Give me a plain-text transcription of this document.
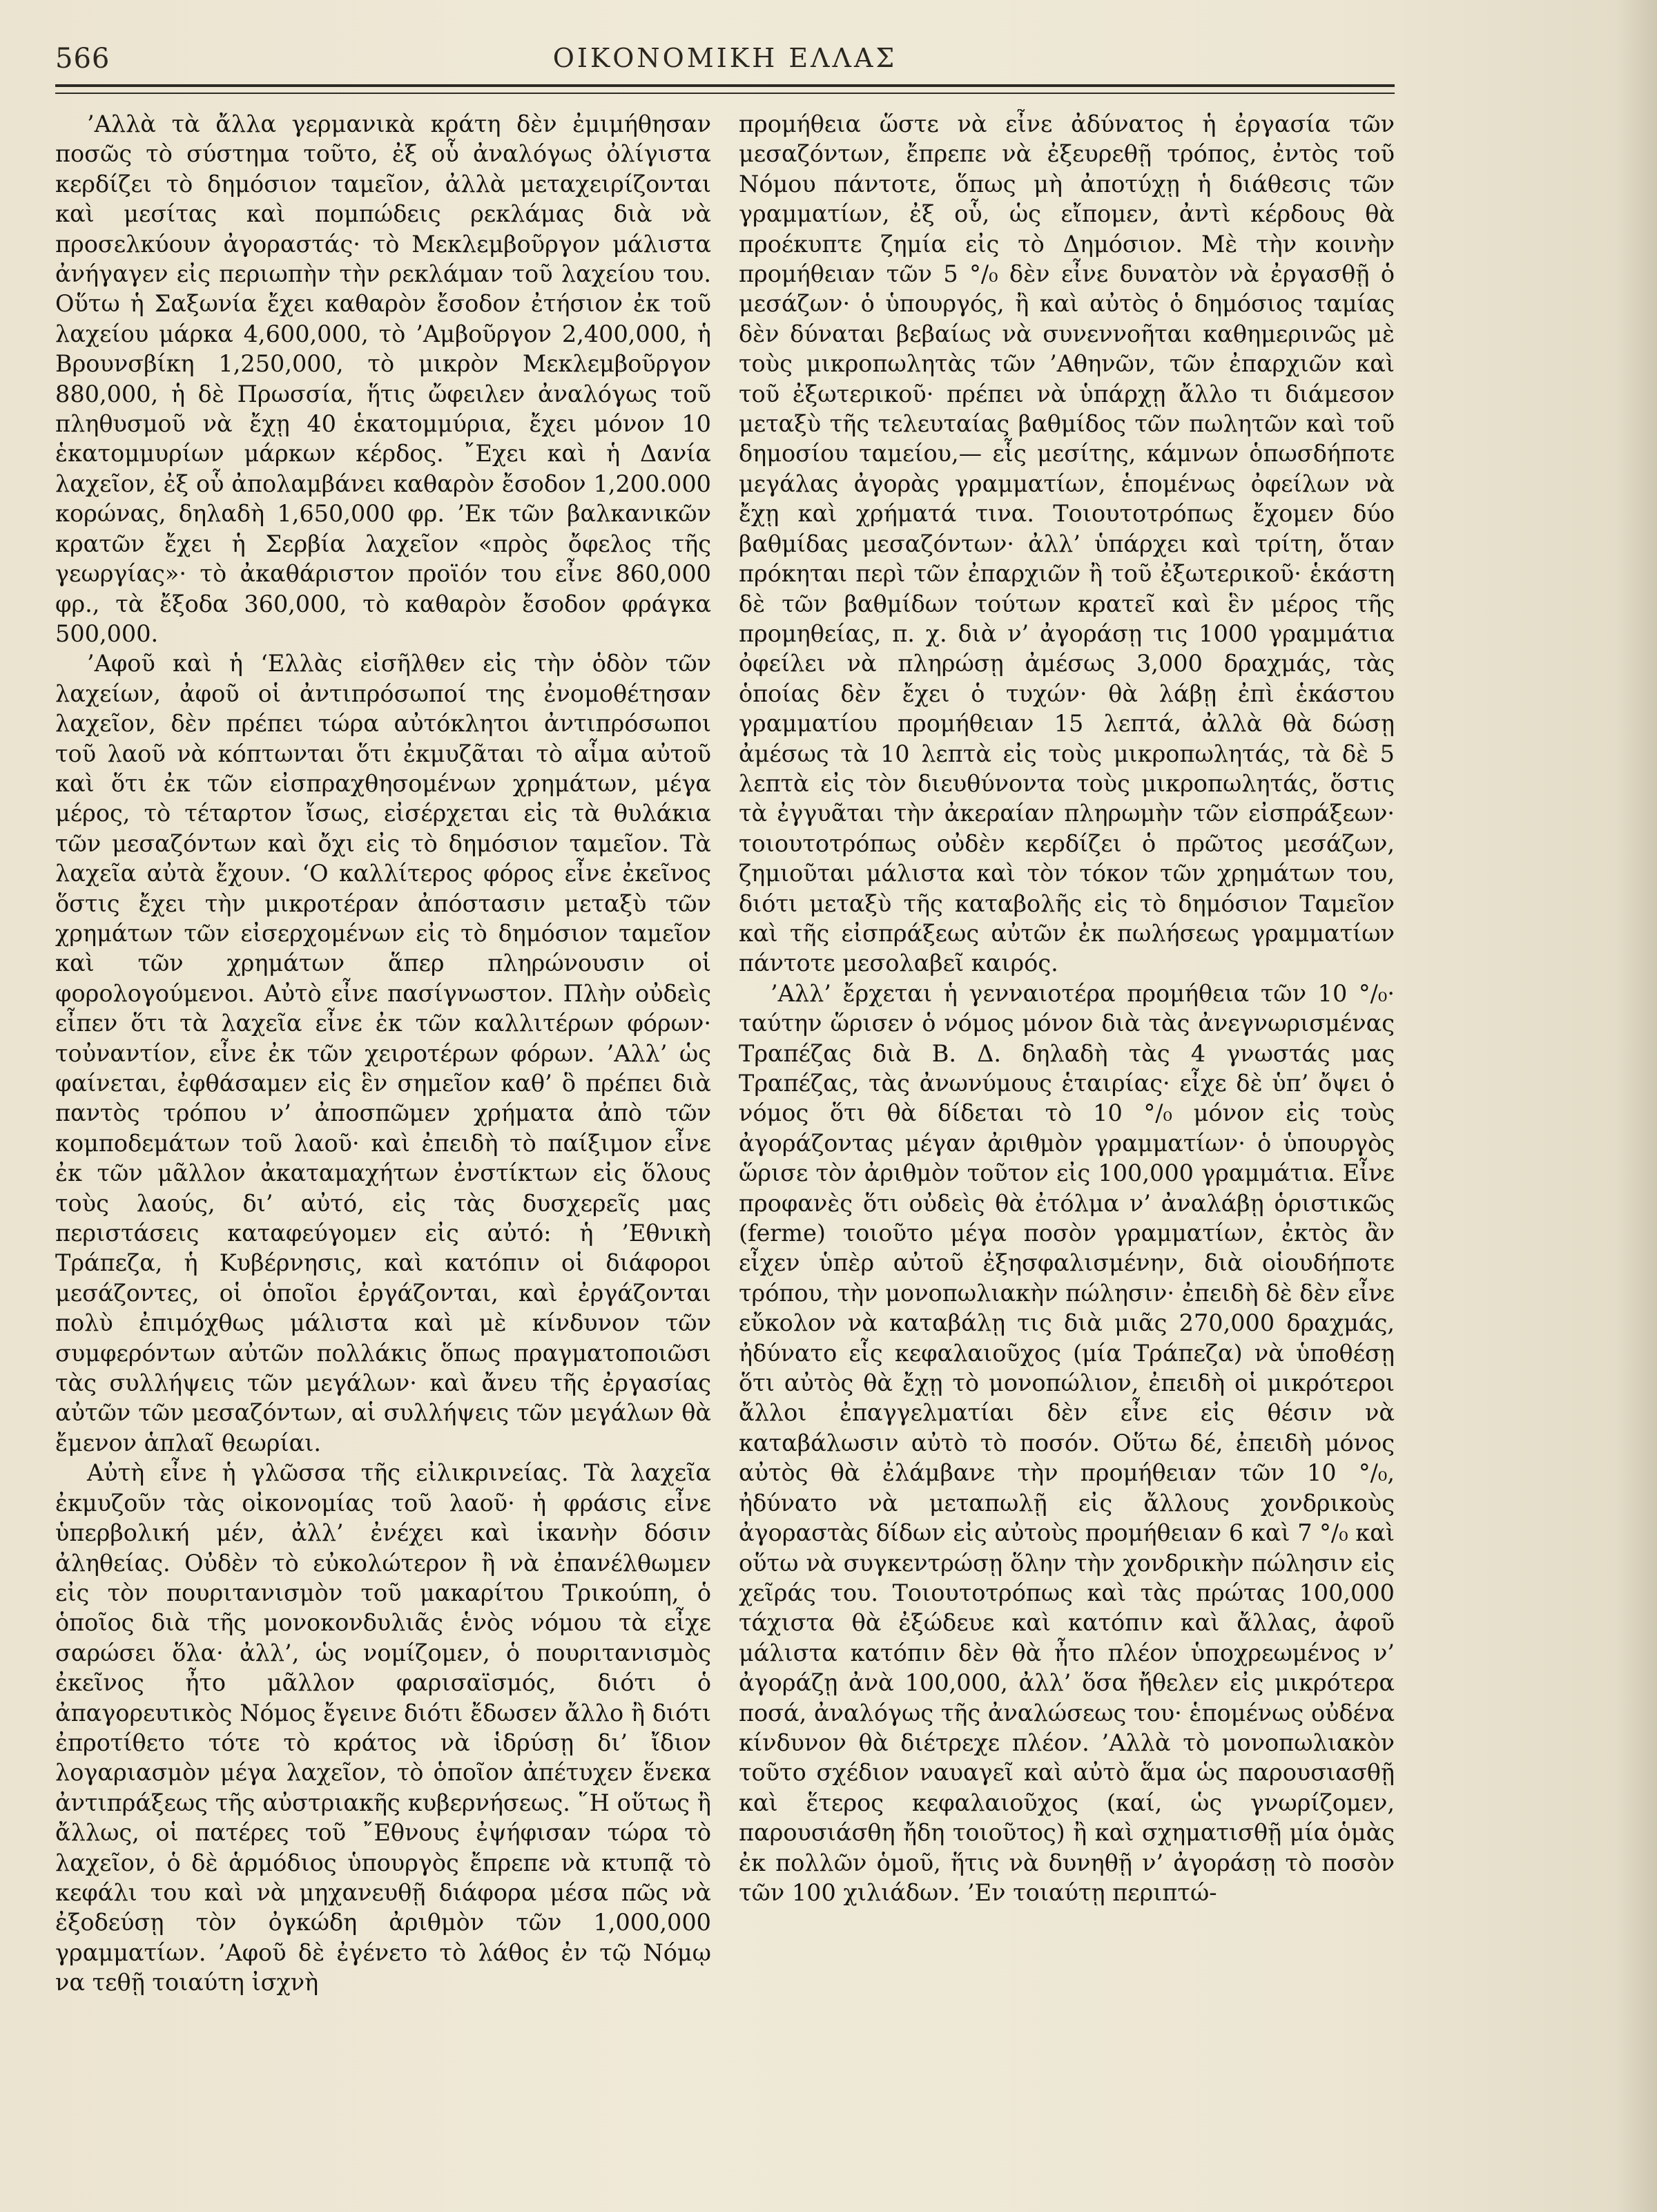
566	ΟΙΚΟΝΟΜΙΚΗ ΕΛΛΑΣ

’Αλλὰ τὰ ἄλλα γερμανικὰ κράτη δὲν ἐμιμήθησαν ποσῶς τὸ σύστημα τοῦτο, ἐξ οὗ ἀναλόγως ὀλίγιστα κερδίζει τὸ δημόσιον ταμεῖον, ἀλλὰ μεταχειρίζονται καὶ μεσίτας καὶ πομπώδεις ρεκλάμας διὰ νὰ προσελκύουν ἀγοραστάς· τὸ Μεκλεμβοῦργον μάλιστα ἀνήγαγεν εἰς περιωπὴν τὴν ρεκλάμαν τοῦ λαχείου του. Οὕτω ἡ Σαξωνία ἔχει καθαρὸν ἔσοδον ἐτήσιον ἐκ τοῦ λαχείου μάρκα 4,600,000, τὸ ’Αμβοῦργον 2,400,000, ἡ Βρουνσβίκη 1,250,000, τὸ μικρὸν Μεκλεμβοῦργον 880,000, ἡ δὲ Πρωσσία, ἥτις ὤφειλεν ἀναλόγως τοῦ πληθυσμοῦ νὰ ἔχῃ 40 ἑκατομμύρια, ἔχει μόνον 10 ἑκατομμυρίων μάρκων κέρδος. ῎Εχει καὶ ἡ Δανία λαχεῖον, ἐξ οὗ ἀπολαμβάνει καθαρὸν ἔσοδον 1,200.000 κορώνας, δηλαδὴ 1,650,000 φρ. ’Εκ τῶν βαλκανικῶν κρατῶν ἔχει ἡ Σερβία λαχεῖον «πρὸς ὄφελος τῆς γεωργίας»· τὸ ἀκαθάριστον προϊόν του εἶνε 860,000 φρ., τὰ ἔξοδα 360,000, τὸ καθαρὸν ἔσοδον φράγκα 500,000.

’Αφοῦ καὶ ἡ ‘Ελλὰς εἰσῆλθεν εἰς τὴν ὁδὸν τῶν λαχείων, ἀφοῦ οἱ ἀντιπρόσωποί της ἐνομοθέτησαν λαχεῖον, δὲν πρέπει τώρα αὐτόκλητοι ἀντιπρόσωποι τοῦ λαοῦ νὰ κόπτωνται ὅτι ἐκμυζᾶται τὸ αἷμα αὐτοῦ καὶ ὅτι ἐκ τῶν εἰσπραχθησομένων χρημάτων, μέγα μέρος, τὸ τέταρτον ἴσως, εἰσέρχεται εἰς τὰ θυλάκια τῶν μεσαζόντων καὶ ὄχι εἰς τὸ δημόσιον ταμεῖον. Τὰ λαχεῖα αὐτὰ ἔχουν. ‘Ο καλλίτερος φόρος εἶνε ἐκεῖνος ὅστις ἔχει τὴν μικροτέραν ἀπόστασιν μεταξὺ τῶν χρημάτων τῶν εἰσερχομένων εἰς τὸ δημόσιον ταμεῖον καὶ τῶν χρημάτων ἅπερ πληρώνουσιν οἱ φορολογούμενοι. Αὐτὸ εἶνε πασίγνωστον. Πλὴν οὐδεὶς εἶπεν ὅτι τὰ λαχεῖα εἶνε ἐκ τῶν καλλιτέρων φόρων· τοὐναντίον, εἶνε ἐκ τῶν χειροτέρων φόρων. ’Αλλ’ ὡς φαίνεται, ἐφθάσαμεν εἰς ἓν σημεῖον καθ’ ὃ πρέπει διὰ παντὸς τρόπου ν’ ἀποσπῶμεν χρήματα ἀπὸ τῶν κομποδεμάτων τοῦ λαοῦ· καὶ ἐπειδὴ τὸ παίξιμον εἶνε ἐκ τῶν μᾶλλον ἀκαταμαχήτων ἐνστίκτων εἰς ὅλους τοὺς λαούς, δι’ αὐτό, εἰς τὰς δυσχερεῖς μας περιστάσεις καταφεύγομεν εἰς αὐτό: ἡ ’Εθνικὴ Τράπεζα, ἡ Κυβέρνησις, καὶ κατόπιν οἱ διάφοροι μεσάζοντες, οἱ ὁποῖοι ἐργάζονται, καὶ ἐργάζονται πολὺ ἐπιμόχθως μάλιστα καὶ μὲ κίνδυνον τῶν συμφερόντων αὐτῶν πολλάκις ὅπως πραγματοποιῶσι τὰς συλλήψεις τῶν μεγάλων· καὶ ἄνευ τῆς ἐργασίας αὐτῶν τῶν μεσαζόντων, αἱ συλλήψεις τῶν μεγάλων θὰ ἔμενον ἁπλαῖ θεωρίαι.

Αὐτὴ εἶνε ἡ γλῶσσα τῆς εἰλικρινείας. Τὰ λαχεῖα ἐκμυζοῦν τὰς οἰκονομίας τοῦ λαοῦ· ἡ φράσις εἶνε ὑπερβολική μέν, ἀλλ’ ἐνέχει καὶ ἱκανὴν δόσιν ἀληθείας. Οὐδὲν τὸ εὐκολώτερον ἢ νὰ ἐπανέλθωμεν εἰς τὸν πουριτανισμὸν τοῦ μακαρίτου Τρικούπη, ὁ ὁποῖος διὰ τῆς μονοκονδυλιᾶς ἑνὸς νόμου τὰ εἶχε σαρώσει ὅλα· ἀλλ’, ὡς νομίζομεν, ὁ πουριτανισμὸς ἐκεῖνος ἦτο μᾶλλον φαρισαϊσμός, διότι ὁ ἀπαγορευτικὸς Νόμος ἔγεινε διότι ἔδωσεν ἄλλο ἢ διότι ἐπροτίθετο τότε τὸ κράτος νὰ ἱδρύσῃ δι’ ἴδιον λογαριασμὸν μέγα λαχεῖον, τὸ ὁποῖον ἀπέτυχεν ἕνεκα ἀντιπράξεως τῆς αὐστριακῆς κυβερνήσεως. ῞Η οὕτως ἢ ἄλλως, οἱ πατέρες τοῦ ῎Εθνους ἐψήφισαν τώρα τὸ λαχεῖον, ὁ δὲ ἁρμόδιος ὑπουργὸς ἔπρεπε νὰ κτυπᾷ τὸ κεφάλι του καὶ νὰ μηχανευθῇ διάφορα μέσα πῶς νὰ ἐξοδεύσῃ τὸν ὀγκώδη ἀριθμὸν τῶν 1,000,000 γραμματίων. ’Αφοῦ δὲ ἐγένετο τὸ λάθος ἐν τῷ Νόμῳ να τεθῇ τοιαύτη ἰσχνὴ

προμήθεια ὥστε νὰ εἶνε ἀδύνατος ἡ ἐργασία τῶν μεσαζόντων, ἔπρεπε νὰ ἐξευρεθῇ τρόπος, ἐντὸς τοῦ Νόμου πάντοτε, ὅπως μὴ ἀποτύχῃ ἡ διάθεσις τῶν γραμματίων, ἐξ οὗ, ὡς εἴπομεν, ἀντὶ κέρδους θὰ προέκυπτε ζημία εἰς τὸ Δημόσιον. Μὲ τὴν κοινὴν προμήθειαν τῶν 5 °/₀ δὲν εἶνε δυνατὸν νὰ ἐργασθῇ ὁ μεσάζων· ὁ ὑπουργός, ἢ καὶ αὐτὸς ὁ δημόσιος ταμίας δὲν δύναται βεβαίως νὰ συνεννοῆται καθημερινῶς μὲ τοὺς μικροπωλητὰς τῶν ’Αθηνῶν, τῶν ἐπαρχιῶν καὶ τοῦ ἐξωτερικοῦ· πρέπει νὰ ὑπάρχῃ ἄλλο τι διάμεσον μεταξὺ τῆς τελευταίας βαθμίδος τῶν πωλητῶν καὶ τοῦ δημοσίου ταμείου,— εἷς μεσίτης, κάμνων ὁπωσδήποτε μεγάλας ἀγορὰς γραμματίων, ἑπομένως ὀφείλων νὰ ἔχῃ καὶ χρήματά τινα. Τοιουτοτρόπως ἔχομεν δύο βαθμίδας μεσαζόντων· ἀλλ’ ὑπάρχει καὶ τρίτη, ὅταν πρόκηται περὶ τῶν ἐπαρχιῶν ἢ τοῦ ἐξωτερικοῦ· ἑκάστη δὲ τῶν βαθμίδων τούτων κρατεῖ καὶ ἓν μέρος τῆς προμηθείας, π. χ. διὰ ν’ ἀγοράσῃ τις 1000 γραμμάτια ὀφείλει νὰ πληρώσῃ ἀμέσως 3,000 δραχμάς, τὰς ὁποίας δὲν ἔχει ὁ τυχών· θὰ λάβῃ ἐπὶ ἑκάστου γραμματίου προμήθειαν 15 λεπτά, ἀλλὰ θὰ δώσῃ ἀμέσως τὰ 10 λεπτὰ εἰς τοὺς μικροπωλητάς, τὰ δὲ 5 λεπτὰ εἰς τὸν διευθύνοντα τοὺς μικροπωλητάς, ὅστις τὰ ἐγγυᾶται τὴν ἀκεραίαν πληρωμὴν τῶν εἰσπράξεων· τοιουτοτρόπως οὐδὲν κερδίζει ὁ πρῶτος μεσάζων, ζημιοῦται μάλιστα καὶ τὸν τόκον τῶν χρημάτων του, διότι μεταξὺ τῆς καταβολῆς εἰς τὸ δημόσιον Ταμεῖον καὶ τῆς εἰσπράξεως αὐτῶν ἐκ πωλήσεως γραμματίων πάντοτε μεσολαβεῖ καιρός.

’Αλλ’ ἔρχεται ἡ γενναιοτέρα προμήθεια τῶν 10 °/₀· ταύτην ὥρισεν ὁ νόμος μόνον διὰ τὰς ἀνεγνωρισμένας Τραπέζας διὰ Β. Δ. δηλαδὴ τὰς 4 γνωστάς μας Τραπέζας, τὰς ἀνωνύμους ἑταιρίας· εἶχε δὲ ὑπ’ ὄψει ὁ νόμος ὅτι θὰ δίδεται τὸ 10 °/₀ μόνον εἰς τοὺς ἀγοράζοντας μέγαν ἀριθμὸν γραμματίων· ὁ ὑπουργὸς ὥρισε τὸν ἀριθμὸν τοῦτον εἰς 100,000 γραμμάτια. Εἶνε προφανὲς ὅτι οὐδεὶς θὰ ἐτόλμα ν’ ἀναλάβῃ ὁριστικῶς (ferme) τοιοῦτο μέγα ποσὸν γραμματίων, ἐκτὸς ἂν εἶχεν ὑπὲρ αὐτοῦ ἐξησφαλισμένην, διὰ οἱουδήποτε τρόπου, τὴν μονοπωλιακὴν πώλησιν· ἐπειδὴ δὲ δὲν εἶνε εὔκολον νὰ καταβάλῃ τις διὰ μιᾶς 270,000 δραχμάς, ἠδύνατο εἷς κεφαλαιοῦχος (μία Τράπεζα) νὰ ὑποθέσῃ ὅτι αὐτὸς θὰ ἔχῃ τὸ μονοπώλιον, ἐπειδὴ οἱ μικρότεροι ἄλλοι ἐπαγγελματίαι δὲν εἶνε εἰς θέσιν νὰ καταβάλωσιν αὐτὸ τὸ ποσόν. Οὕτω δέ, ἐπειδὴ μόνος αὐτὸς θὰ ἐλάμβανε τὴν προμήθειαν τῶν 10 °/₀, ἠδύνατο νὰ μεταπωλῇ εἰς ἄλλους χονδρικοὺς ἀγοραστὰς δίδων εἰς αὐτοὺς προμήθειαν 6 καὶ 7 °/₀ καὶ οὕτω νὰ συγκεντρώσῃ ὅλην τὴν χονδρικὴν πώλησιν εἰς χεῖράς του. Τοιουτοτρόπως καὶ τὰς πρώτας 100,000 τάχιστα θὰ ἐξώδευε καὶ κατόπιν καὶ ἄλλας, ἀφοῦ μάλιστα κατόπιν δὲν θὰ ἦτο πλέον ὑποχρεωμένος ν’ ἀγοράζῃ ἀνὰ 100,000, ἀλλ’ ὅσα ἤθελεν εἰς μικρότερα ποσά, ἀναλόγως τῆς ἀναλώσεως του· ἑπομένως οὐδένα κίνδυνον θὰ διέτρεχε πλέον. ’Αλλὰ τὸ μονοπωλιακὸν τοῦτο σχέδιον ναυαγεῖ καὶ αὐτὸ ἅμα ὡς παρουσιασθῇ καὶ ἕτερος κεφαλαιοῦχος (καί, ὡς γνωρίζομεν, παρουσιάσθη ἤδη τοιοῦτος) ἢ καὶ σχηματισθῇ μία ὁμὰς ἐκ πολλῶν ὁμοῦ, ἥτις νὰ δυνηθῇ ν’ ἀγοράσῃ τὸ ποσὸν τῶν 100 χιλιάδων. ’Εν τοιαύτῃ περιπτώ-
